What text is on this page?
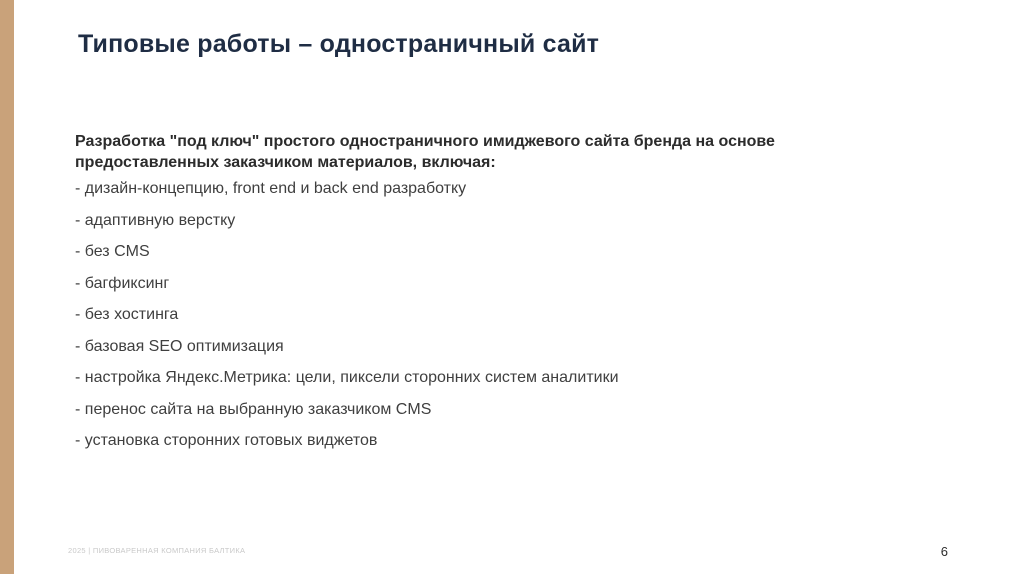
Типовые работы – одностраничный сайт

Разработка "под ключ" простого одностраничного имиджевого сайта бренда на основе предоставленных заказчиком материалов, включая:

- дизайн-концепцию, front end и back end разработку
- адаптивную верстку
- без CMS
- багфиксинг
- без хостинга
- базовая SEO оптимизация
- настройка Яндекс.Метрика: цели, пиксели сторонних систем аналитики
- перенос сайта на выбранную заказчиком CMS
- установка сторонних готовых виджетов
2025 | ПИВОВАРЕННАЯ КОМПАНИЯ БАЛТИКА	6
